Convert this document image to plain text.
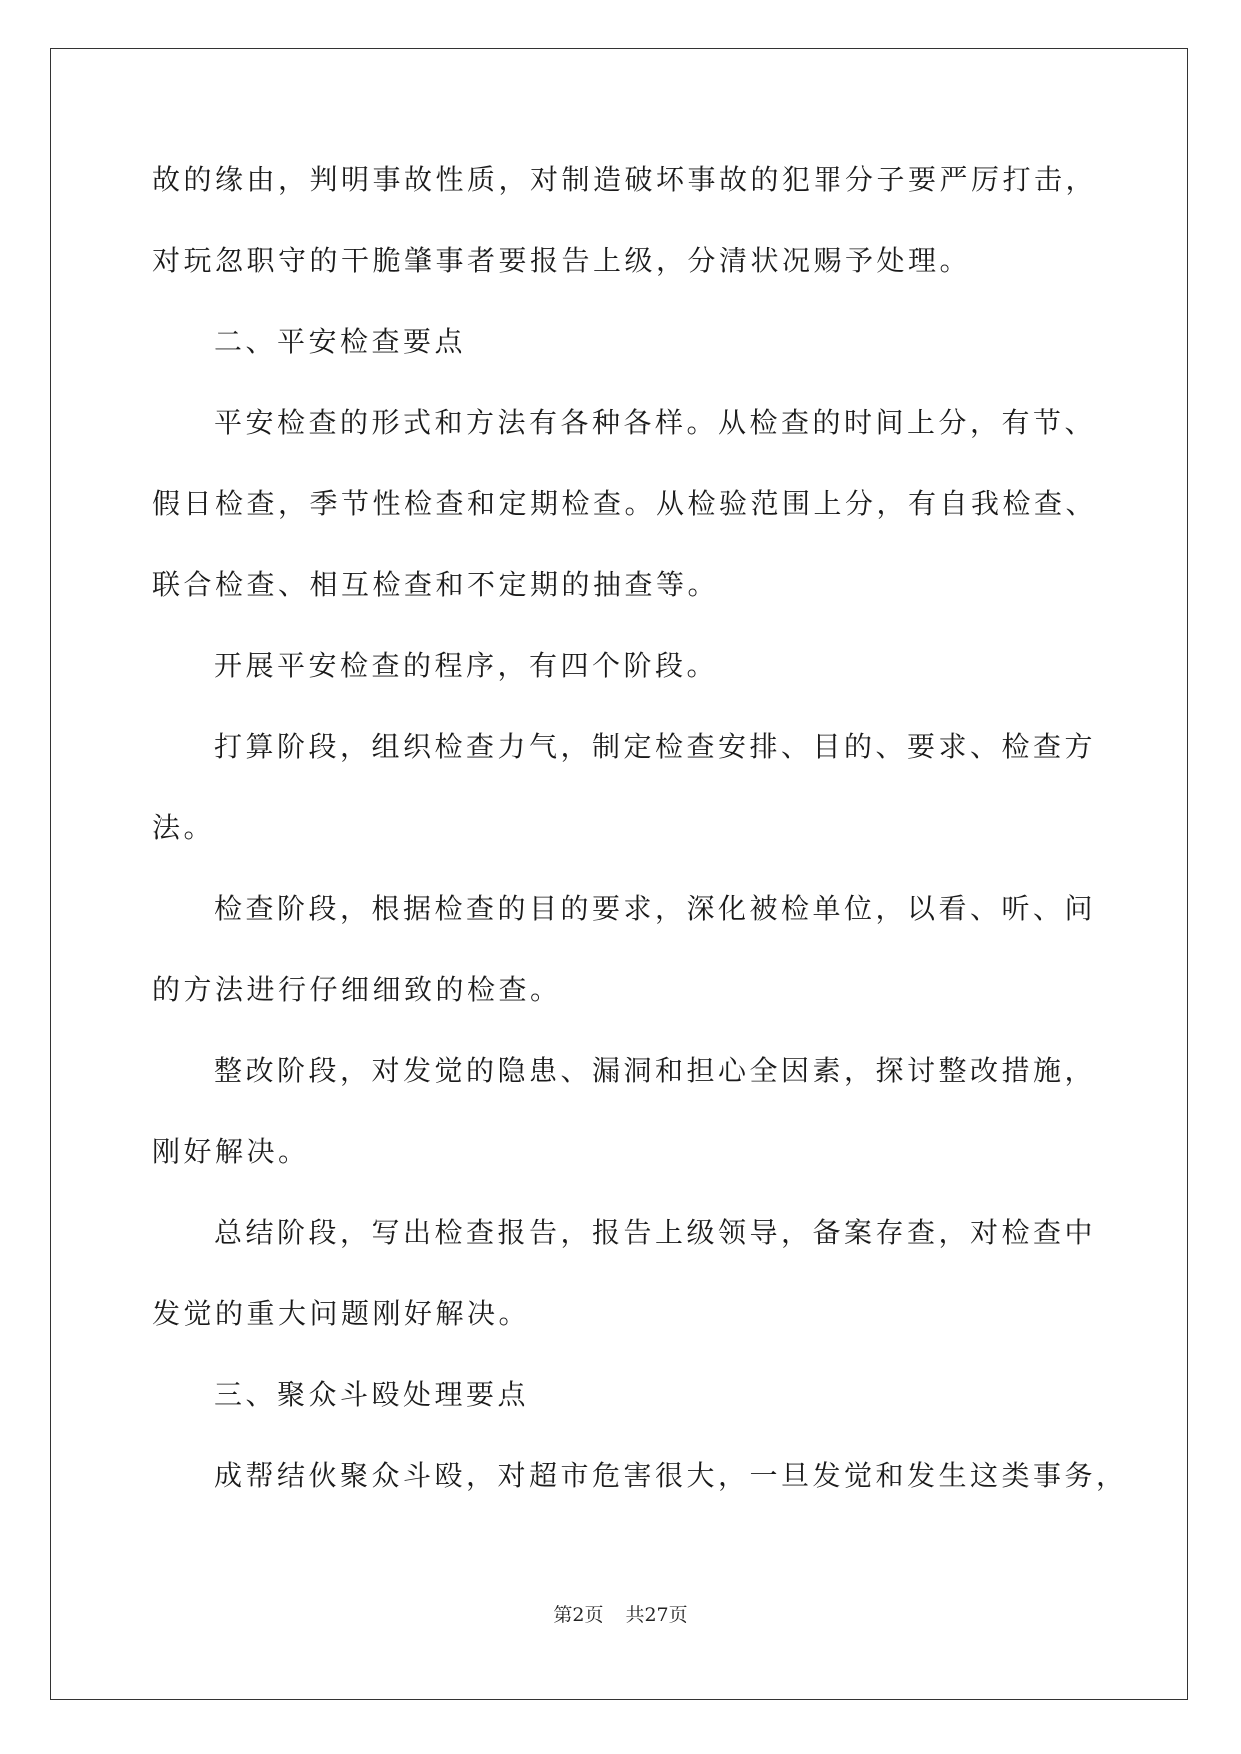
故的缘由，判明事故性质，对制造破坏事故的犯罪分子要严厉打击，
对玩忽职守的干脆肇事者要报告上级，分清状况赐予处理。
二、平安检查要点
平安检查的形式和方法有各种各样。从检查的时间上分，有节、
假日检查，季节性检查和定期检查。从检验范围上分，有自我检查、
联合检查、相互检查和不定期的抽查等。
开展平安检查的程序，有四个阶段。
打算阶段，组织检查力气，制定检查安排、目的、要求、检查方
法。
检查阶段，根据检查的目的要求，深化被检单位，以看、听、问
的方法进行仔细细致的检查。
整改阶段，对发觉的隐患、漏洞和担心全因素，探讨整改措施，
刚好解决。
总结阶段，写出检查报告，报告上级领导，备案存查，对检查中
发觉的重大问题刚好解决。
三、聚众斗殴处理要点
成帮结伙聚众斗殴，对超市危害很大，一旦发觉和发生这类事务，
第2页 共27页
